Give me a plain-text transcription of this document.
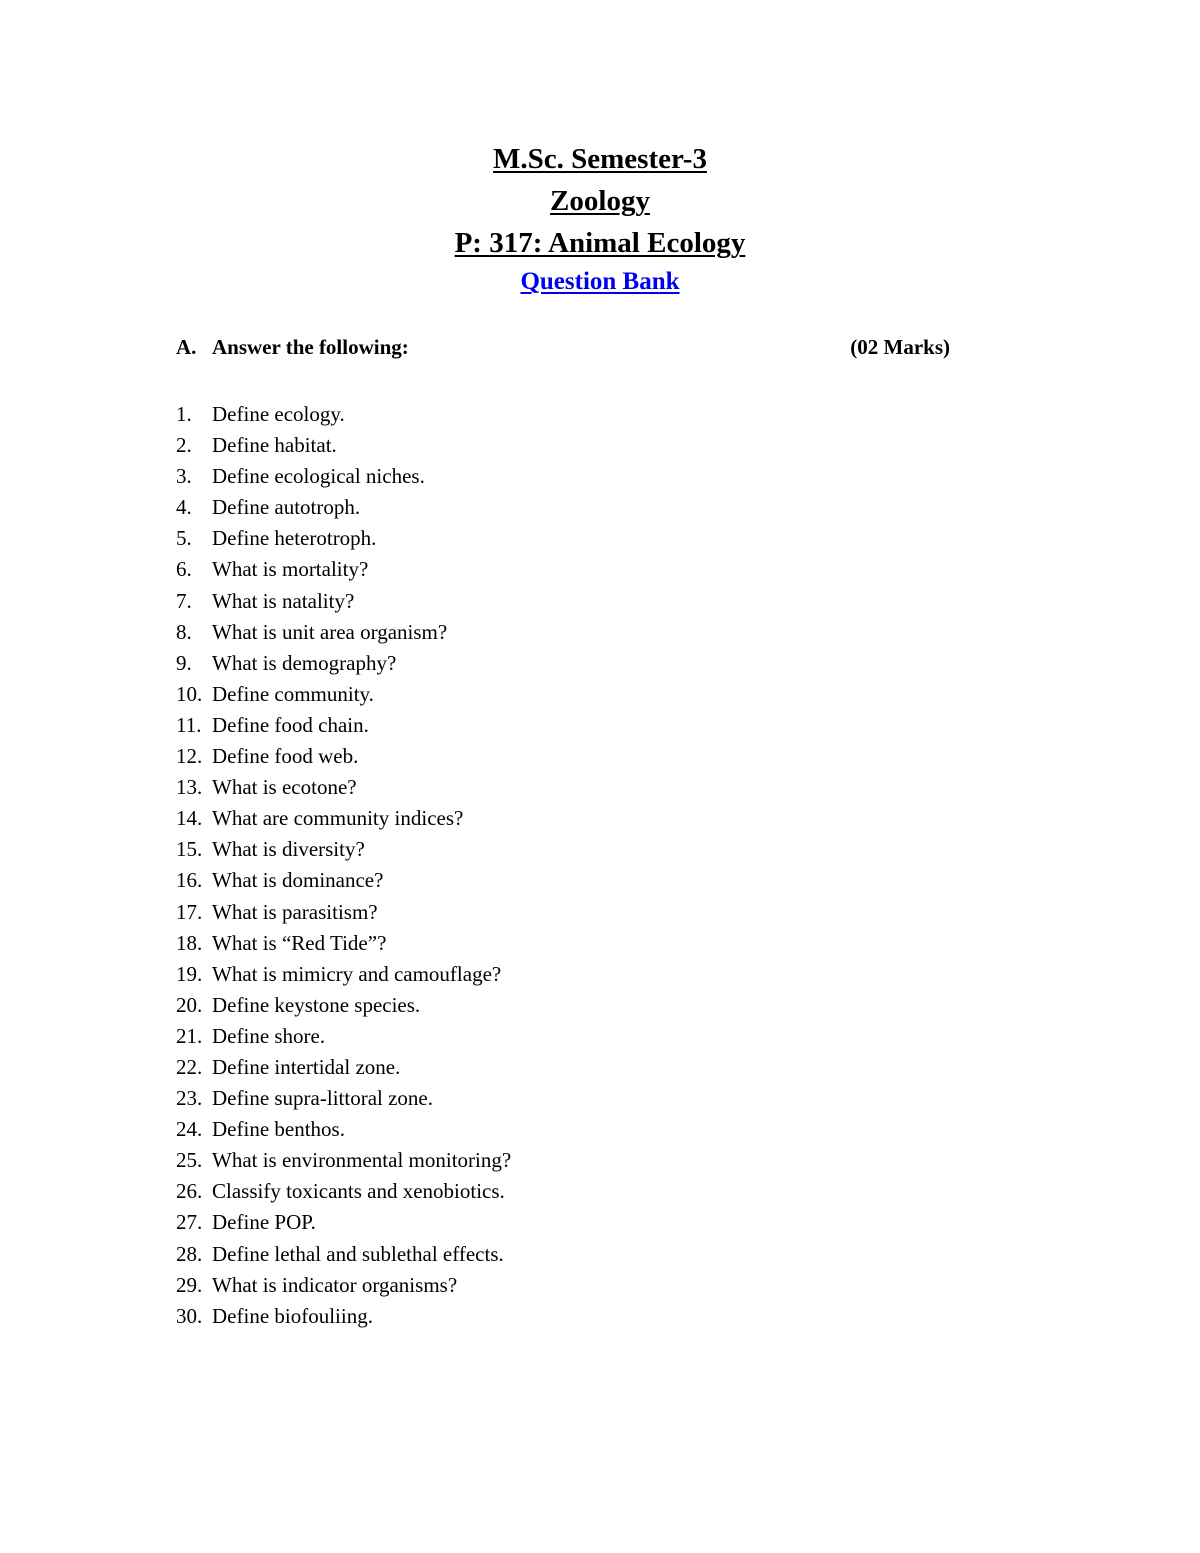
M.Sc. Semester-3
Zoology
P: 317: Animal Ecology
Question Bank
A. Answer the following:	(02 Marks)
1. Define ecology.
2. Define habitat.
3. Define ecological niches.
4. Define autotroph.
5. Define heterotroph.
6. What is mortality?
7. What is natality?
8. What is unit area organism?
9. What is demography?
10. Define community.
11. Define food chain.
12. Define food web.
13. What is ecotone?
14. What are community indices?
15. What is diversity?
16. What is dominance?
17. What is parasitism?
18. What is “Red Tide”?
19. What is mimicry and camouflage?
20. Define keystone species.
21. Define shore.
22. Define intertidal zone.
23. Define supra-littoral zone.
24. Define benthos.
25. What is environmental monitoring?
26. Classify toxicants and xenobiotics.
27. Define POP.
28. Define lethal and sublethal effects.
29. What is indicator organisms?
30. Define biofouliing.
